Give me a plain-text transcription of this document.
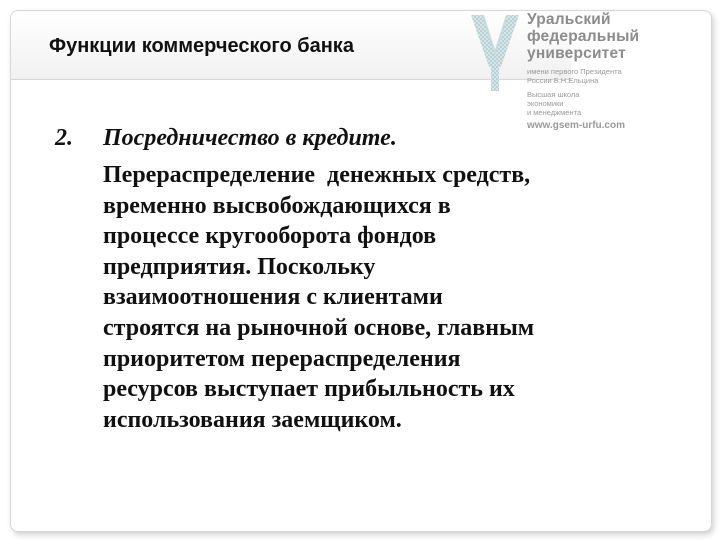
Функции коммерческого банка
Уральский
федеральный
университет
имени первого Президента
России Б.Н.Ельцина
Высшая школа
экономики
и менеджмента
www.gsem-urfu.com
2.	Посредничество в кредите.
Перераспределение  денежных средств,
временно высвобождающихся в
процессе кругооборота фондов
предприятия. Поскольку
взаимоотношения с клиентами
строятся на рыночной основе, главным
приоритетом перераспределения
ресурсов выступает прибыльность их
использования заемщиком.
